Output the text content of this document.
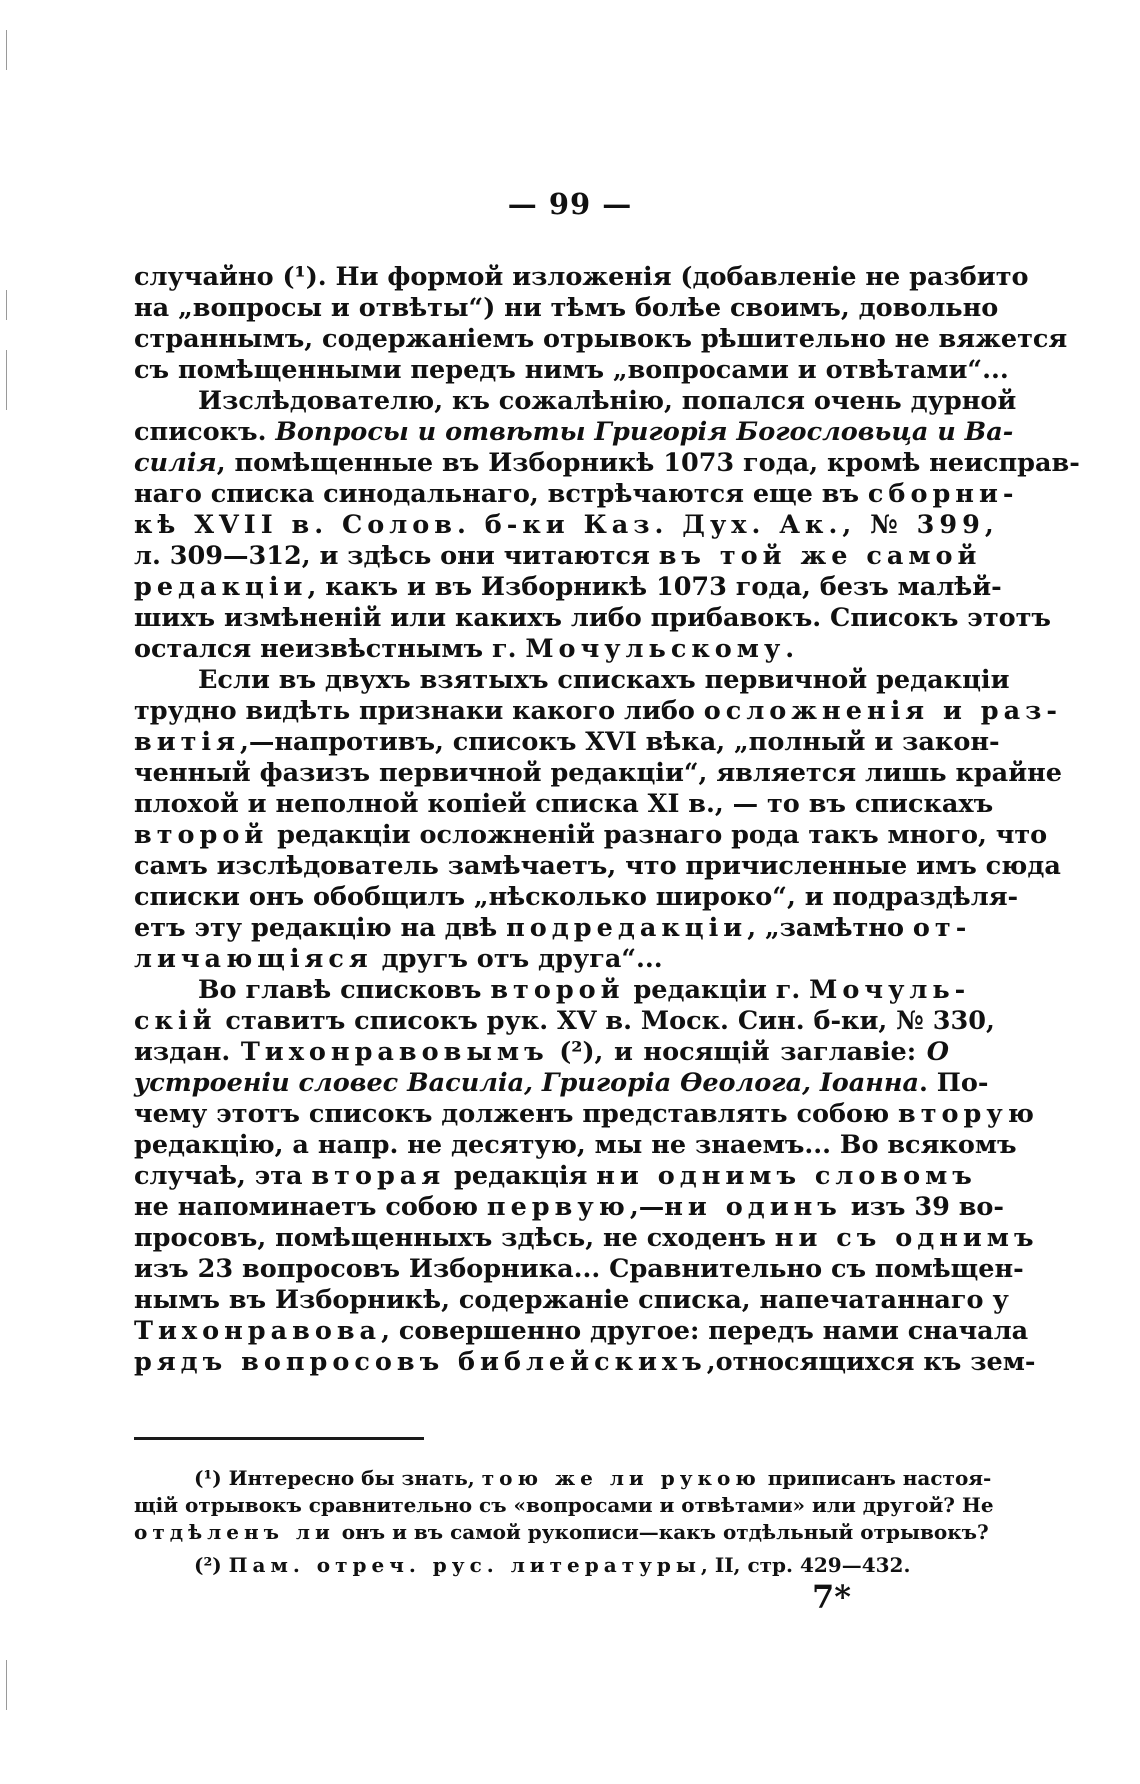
— 99 —
случайно (¹). Ни формой изложенія (добавленіе не разбито
на „вопросы и отвѣты“) ни тѣмъ болѣе своимъ, довольно
страннымъ, содержаніемъ отрывокъ рѣшительно не вяжется
съ помѣщенными передъ нимъ „вопросами и отвѣтами“...
Изслѣдователю, къ сожалѣнію, попался очень дурной
списокъ. Вопросы и отвѣты Григорія Богословьца и Ва-
силія, помѣщенные въ Изборникѣ 1073 года, кромѣ неисправ-
наго списка синодальнаго, встрѣчаются еще въ сборни-
кѣ XVII в. Солов. б-ки Каз. Дух. Ак., № 399,
л. 309—312, и здѣсь они читаются въ той же самой
редакціи, какъ и въ Изборникѣ 1073 года, безъ малѣй-
шихъ измѣненій или какихъ либо прибавокъ. Списокъ этотъ
остался неизвѣстнымъ г. Мочульскому.
Если въ двухъ взятыхъ спискахъ первичной редакціи
трудно видѣть признаки какого либо осложненія и раз-
витія,—напротивъ, списокъ XVI вѣка, „полный и закон-
ченный фазизъ первичной редакціи“, является лишь крайне
плохой и неполной копіей списка XI в., — то въ спискахъ
второй редакціи осложненій разнаго рода такъ много, что
самъ изслѣдователь замѣчаетъ, что причисленные имъ сюда
списки онъ обобщилъ „нѣсколько широко“, и подраздѣля-
етъ эту редакцію на двѣ подредакціи, „замѣтно от-
личающіяся другъ отъ друга“...
Во главѣ списковъ второй редакціи г. Мочуль-
скій ставитъ списокъ рук. XV в. Моск. Син. б-ки, № 330,
издан. Тихонравовымъ (²), и носящій заглавіе: О
устроеніи словес Василіа, Григоріа Өеолога, Іоанна. По-
чему этотъ списокъ долженъ представлять собою вторую
редакцію, а напр. не десятую, мы не знаемъ... Во всякомъ
случаѣ, эта вторая редакція ни однимъ словомъ
не напоминаетъ собою первую,—ни одинъ изъ 39 во-
просовъ, помѣщенныхъ здѣсь, не сходенъ ни съ однимъ
изъ 23 вопросовъ Изборника... Сравнительно съ помѣщен-
нымъ въ Изборникѣ, содержаніе списка, напечатаннаго у
Тихонравова, совершенно другое: передъ нами сначала
рядъ вопросовъ библейскихъ,относящихся къ зем-
(¹) Интересно бы знать, тою же ли рукою приписанъ настоя-
щій отрывокъ сравнительно съ «вопросами и отвѣтами» или другой? Не
отдѣленъ ли онъ и въ самой рукописи—какъ отдѣльный отрывокъ?
(²) Пам. отреч. рус. литературы, II, стр. 429—432.
7*
